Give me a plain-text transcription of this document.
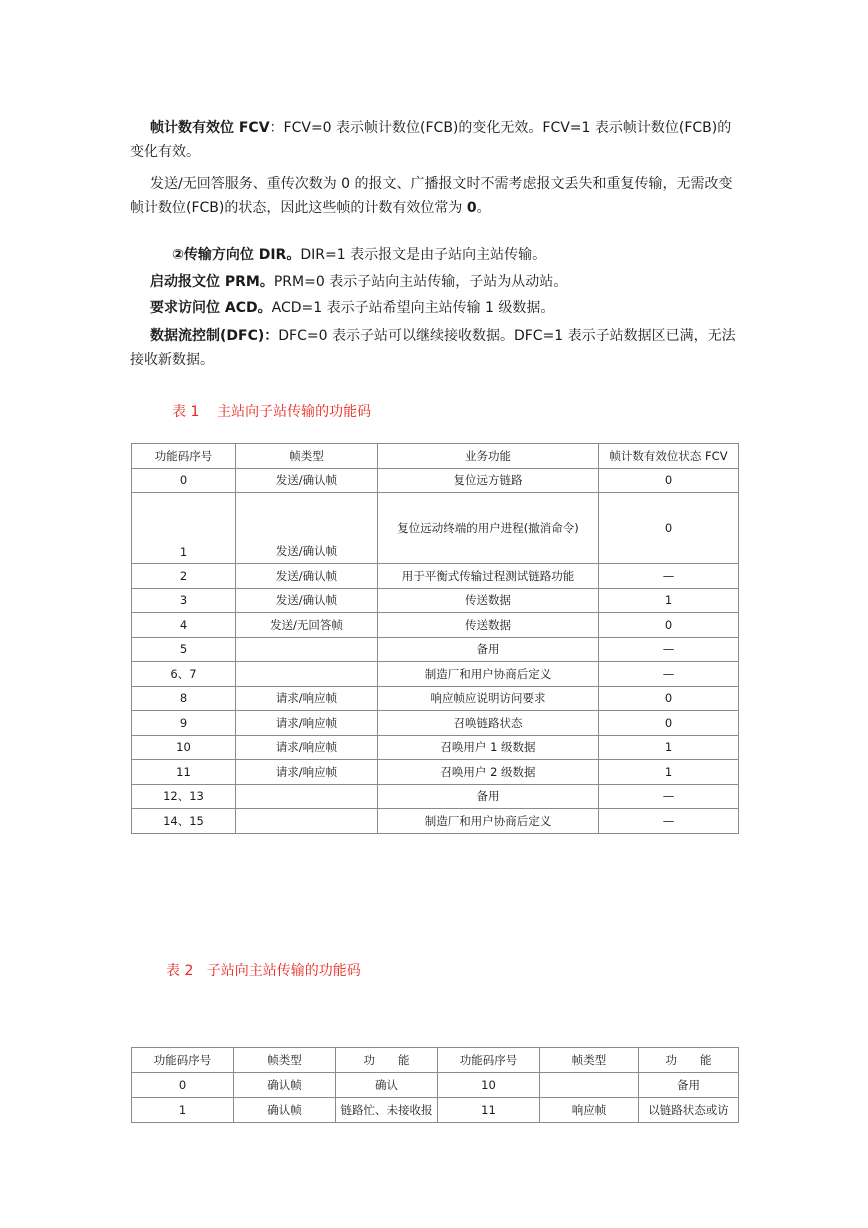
帧计数有效位 FCV：FCV=0 表示帧计数位(FCB)的变化无效。FCV=1 表示帧计数位(FCB)的变化有效。
发送/无回答服务、重传次数为 0 的报文、广播报文时不需考虑报文丢失和重复传输，无需改变帧计数位(FCB)的状态，因此这些帧的计数有效位常为 0。
②传输方向位 DIR。DIR=1 表示报文是由子站向主站传输。
启动报文位 PRM。PRM=0 表示子站向主站传输，子站为从动站。
要求访问位 ACD。ACD=1 表示子站希望向主站传输 1 级数据。
数据流控制(DFC)：DFC=0 表示子站可以继续接收数据。DFC=1 表示子站数据区已满，无法接收新数据。
表 1    主站向子站传输的功能码
功能码序号	帧类型	业务功能	帧计数有效位状态 FCV
0	发送/确认帧	复位远方链路	0
1	发送/确认帧	复位远动终端的用户进程(撤消命令)	0
2	发送/确认帧	用于平衡式传输过程测试链路功能	—
3	发送/确认帧	传送数据	1
4	发送/无回答帧	传送数据	0
5		备用	—
6、7		制造厂和用户协商后定义	—
8	请求/响应帧	响应帧应说明访问要求	0
9	请求/响应帧	召唤链路状态	0
10	请求/响应帧	召唤用户 1 级数据	1
11	请求/响应帧	召唤用户 2 级数据	1
12、13		备用	—
14、15		制造厂和用户协商后定义	—
表 2   子站向主站传输的功能码
功能码序号	帧类型	功　　能	功能码序号	帧类型	功　　能
0	确认帧	确认	10		备用
1	确认帧	链路忙、未接收报	11	响应帧	以链路状态或访
